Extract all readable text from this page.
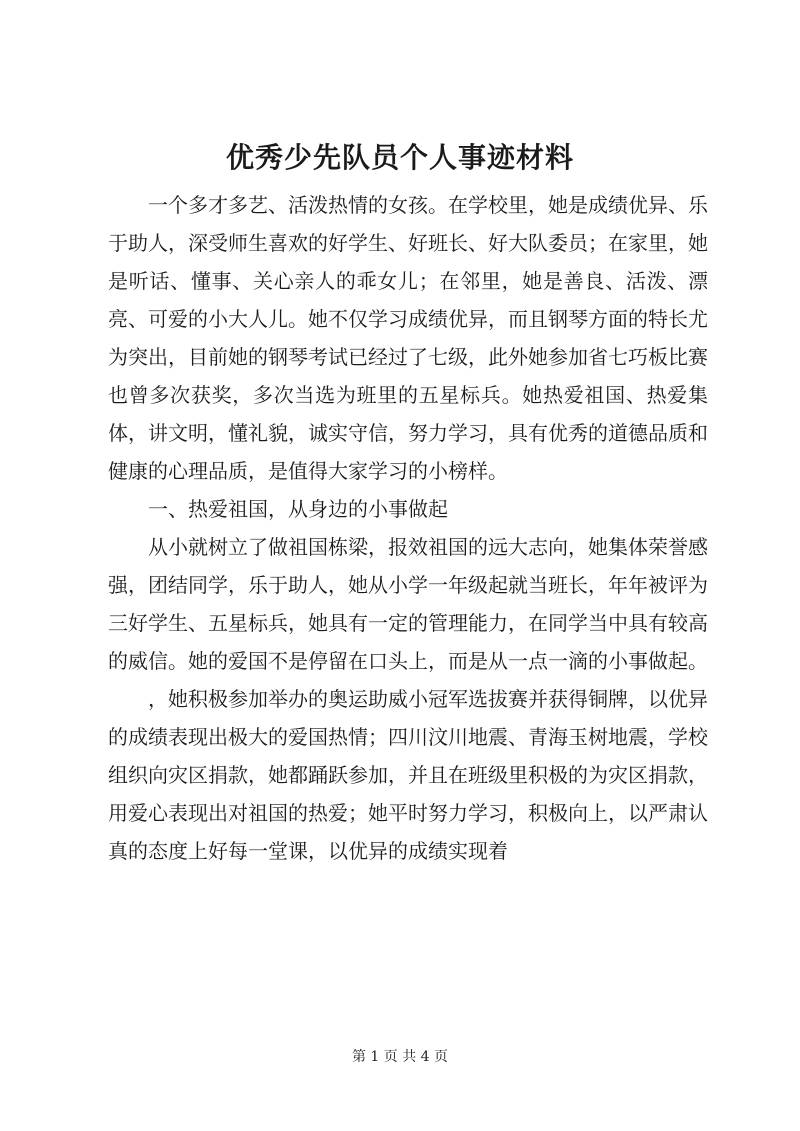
优秀少先队员个人事迹材料

一个多才多艺、活泼热情的女孩。在学校里，她是成绩优异、乐于助人，深受师生喜欢的好学生、好班长、好大队委员；在家里，她是听话、懂事、关心亲人的乖女儿；在邻里，她是善良、活泼、漂亮、可爱的小大人儿。她不仅学习成绩优异，而且钢琴方面的特长尤为突出，目前她的钢琴考试已经过了七级，此外她参加省七巧板比赛也曾多次获奖，多次当选为班里的五星标兵。她热爱祖国、热爱集体，讲文明，懂礼貌，诚实守信，努力学习，具有优秀的道德品质和健康的心理品质，是值得大家学习的小榜样。

一、热爱祖国，从身边的小事做起

从小就树立了做祖国栋梁，报效祖国的远大志向，她集体荣誉感强，团结同学，乐于助人，她从小学一年级起就当班长，年年被评为三好学生、五星标兵，她具有一定的管理能力，在同学当中具有较高的威信。她的爱国不是停留在口头上，而是从一点一滴的小事做起。

，她积极参加举办的奥运助威小冠军选拔赛并获得铜牌，以优异的成绩表现出极大的爱国热情；四川汶川地震、青海玉树地震，学校组织向灾区捐款，她都踊跃参加，并且在班级里积极的为灾区捐款，用爱心表现出对祖国的热爱；她平时努力学习，积极向上，以严肃认真的态度上好每一堂课，以优异的成绩实现着

第 1 页 共 4 页
